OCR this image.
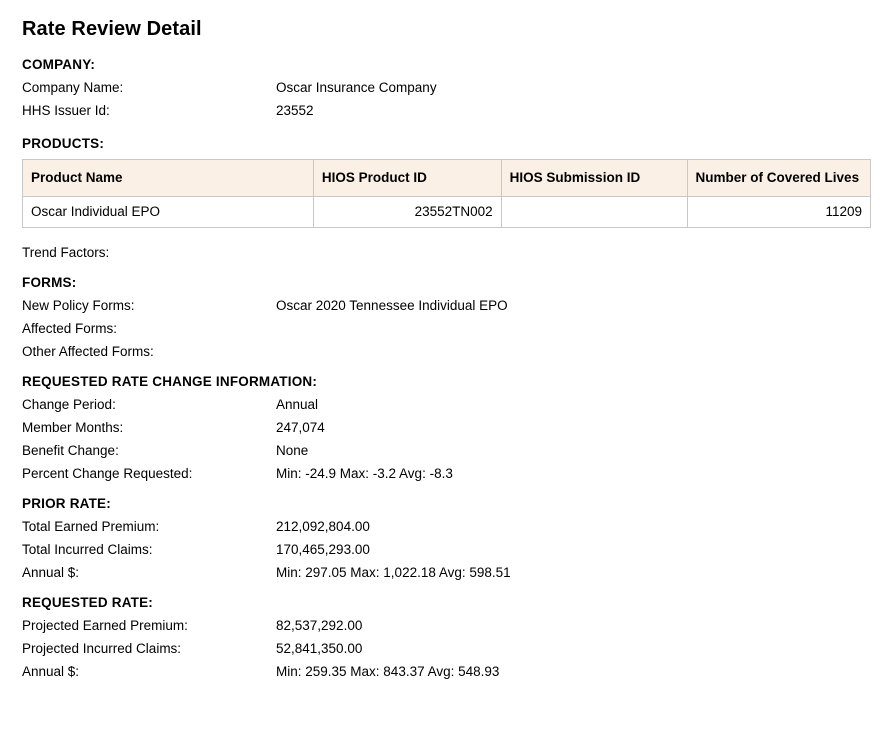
Rate Review Detail
COMPANY:
Company Name:	Oscar Insurance Company
HHS Issuer Id:	23552
PRODUCTS:
Product Name	HIOS Product ID	HIOS Submission ID	Number of Covered Lives
Oscar Individual EPO	23552TN002		11209
Trend Factors:
FORMS:
New Policy Forms:	Oscar 2020 Tennessee Individual EPO
Affected Forms:
Other Affected Forms:
REQUESTED RATE CHANGE INFORMATION:
Change Period:	Annual
Member Months:	247,074
Benefit Change:	None
Percent Change Requested:	Min: -24.9 Max: -3.2 Avg: -8.3
PRIOR RATE:
Total Earned Premium:	212,092,804.00
Total Incurred Claims:	170,465,293.00
Annual $:	Min: 297.05 Max: 1,022.18 Avg: 598.51
REQUESTED RATE:
Projected Earned Premium:	82,537,292.00
Projected Incurred Claims:	52,841,350.00
Annual $:	Min: 259.35 Max: 843.37 Avg: 548.93
